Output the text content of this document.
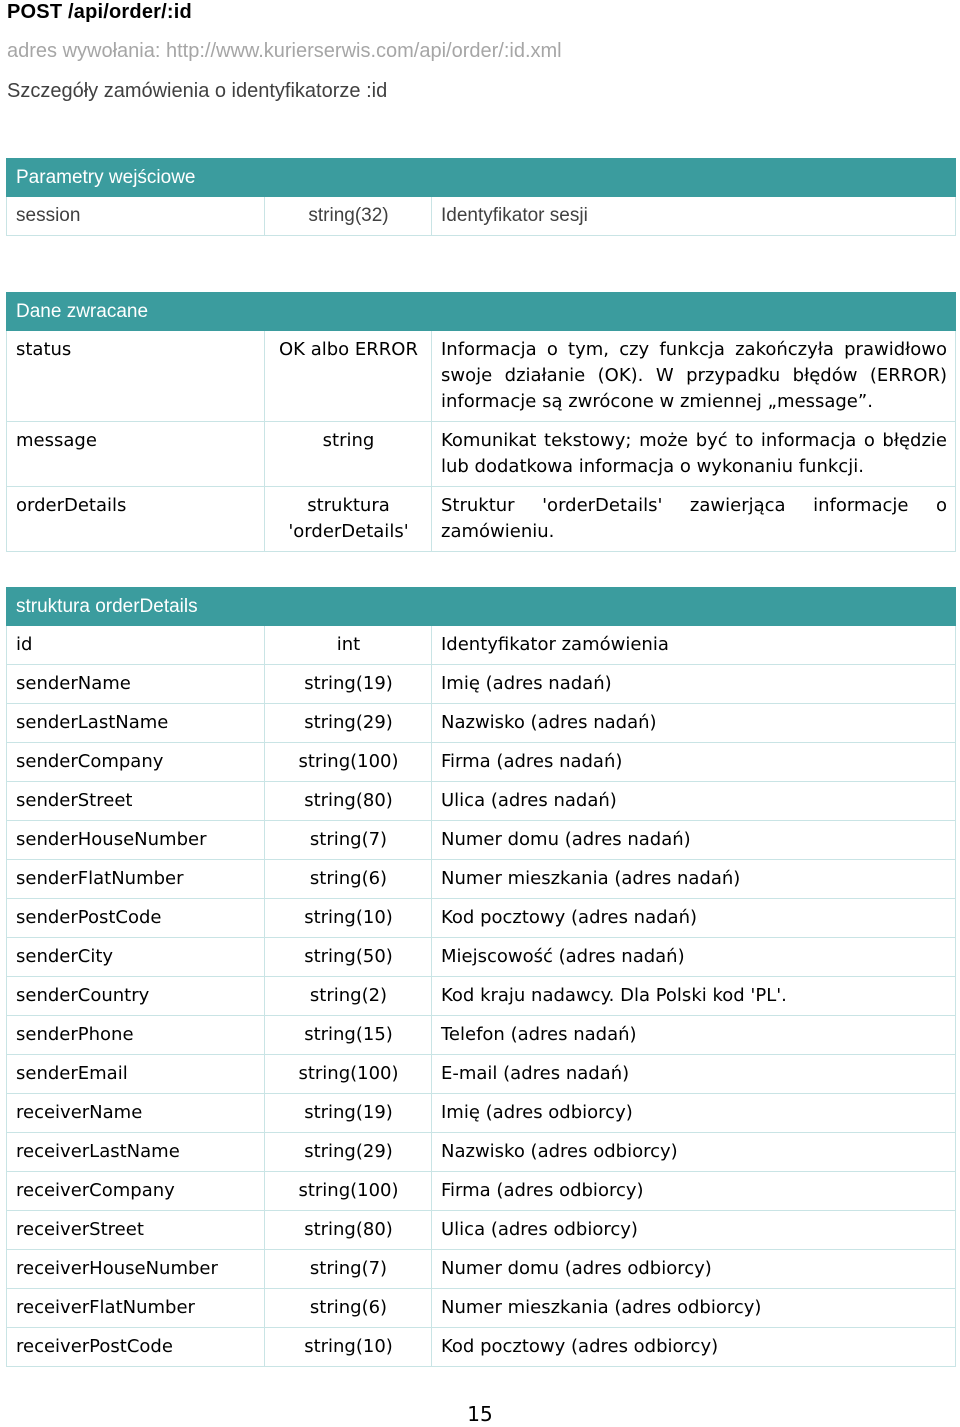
POST /api/order/:id
adres wywołania: http://www.kurierserwis.com/api/order/:id.xml
Szczegóły zamówienia o identyfikatorze :id
Parametry wejściowe
session	string(32)	Identyfikator sesji
Dane zwracane		
status	OK albo ERROR	Informacja o tym, czy funkcja zakończyła prawidłowo swoje działanie (OK). W przypadku błędów (ERROR) informacje są zwrócone w zmiennej „message”.
message	string	Komunikat tekstowy; może być to informacja o błędzie lub dodatkowa informacja o wykonaniu funkcji.
orderDetails	struktura 'orderDetails'	Struktur 'orderDetails' zawierjąca informacje o zamówieniu.
struktura orderDetails		
id	int	Identyfikator zamówienia
senderName	string(19)	Imię (adres nadań)
senderLastName	string(29)	Nazwisko (adres nadań)
senderCompany	string(100)	Firma (adres nadań)
senderStreet	string(80)	Ulica (adres nadań)
senderHouseNumber	string(7)	Numer domu (adres nadań)
senderFlatNumber	string(6)	Numer mieszkania (adres nadań)
senderPostCode	string(10)	Kod pocztowy (adres nadań)
senderCity	string(50)	Miejscowość (adres nadań)
senderCountry	string(2)	Kod kraju nadawcy. Dla Polski kod 'PL'.
senderPhone	string(15)	Telefon (adres nadań)
senderEmail	string(100)	E-mail (adres nadań)
receiverName	string(19)	Imię (adres odbiorcy)
receiverLastName	string(29)	Nazwisko (adres odbiorcy)
receiverCompany	string(100)	Firma (adres odbiorcy)
receiverStreet	string(80)	Ulica (adres odbiorcy)
receiverHouseNumber	string(7)	Numer domu (adres odbiorcy)
receiverFlatNumber	string(6)	Numer mieszkania (adres odbiorcy)
receiverPostCode	string(10)	Kod pocztowy (adres odbiorcy)
15
